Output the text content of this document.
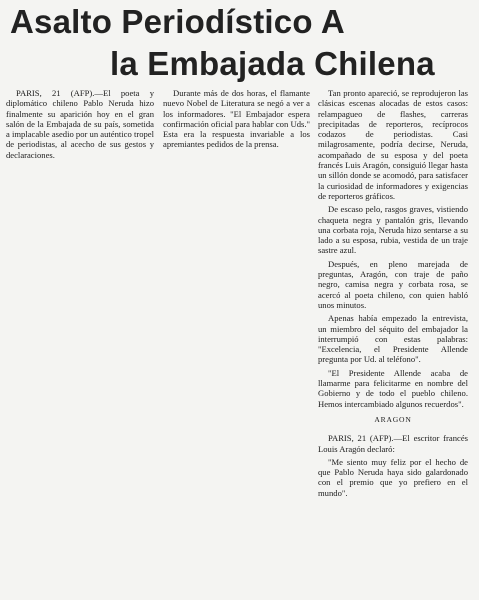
Asalto Periodístico A
la Embajada Chilena

PARIS, 21 (AFP).—El poeta y diplomático chileno Pablo Neruda hizo finalmente su aparición hoy en el gran salón de la Embajada de su país, sometida a implacable asedio por un auténtico tropel de periodistas, al acecho de sus gestos y declaraciones.

Durante más de dos horas, el flamante nuevo Nobel de Literatura se negó a ver a los informadores. "El Embajador espera confirmación oficial para hablar con Uds." Esta era la respuesta invariable a los apremiantes pedidos de la prensa.

Tan pronto apareció, se reprodujeron las clásicas escenas alocadas de estos casos: relampagueo de flashes, carreras precipitadas de reporteros, recíprocos codazos de periodistas. Casi milagrosamente, podría decirse, Neruda, acompañado de su esposa y del poeta francés Luis Aragón, consiguió llegar hasta un sillón donde se acomodó, para satisfacer la curiosidad de informadores y exigencias de reporteros gráficos.

De escaso pelo, rasgos graves, vistiendo chaqueta negra y pantalón gris, llevando una corbata roja, Neruda hizo sentarse a su lado a su esposa, rubia, vestida de un traje sastre azul.

Después, en pleno marejada de preguntas, Aragón, con traje de paño negro, camisa negra y corbata rosa, se acercó al poeta chileno, con quien habló unos minutos.

Apenas había empezado la entrevista, un miembro del séquito del embajador la interrumpió con estas palabras: "Excelencia, el Presidente Allende pregunta por Ud. al teléfono".

"El Presidente Allende acaba de llamarme para felicitarme en nombre del Gobierno y de todo el pueblo chileno. Hemos intercambiado algunos recuerdos".

ARAGON

PARIS, 21 (AFP).—El escritor francés Louis Aragón declaró:

"Me siento muy feliz por el hecho de que Pablo Neruda haya sido galardonado con el premio que yo prefiero en el mundo".
